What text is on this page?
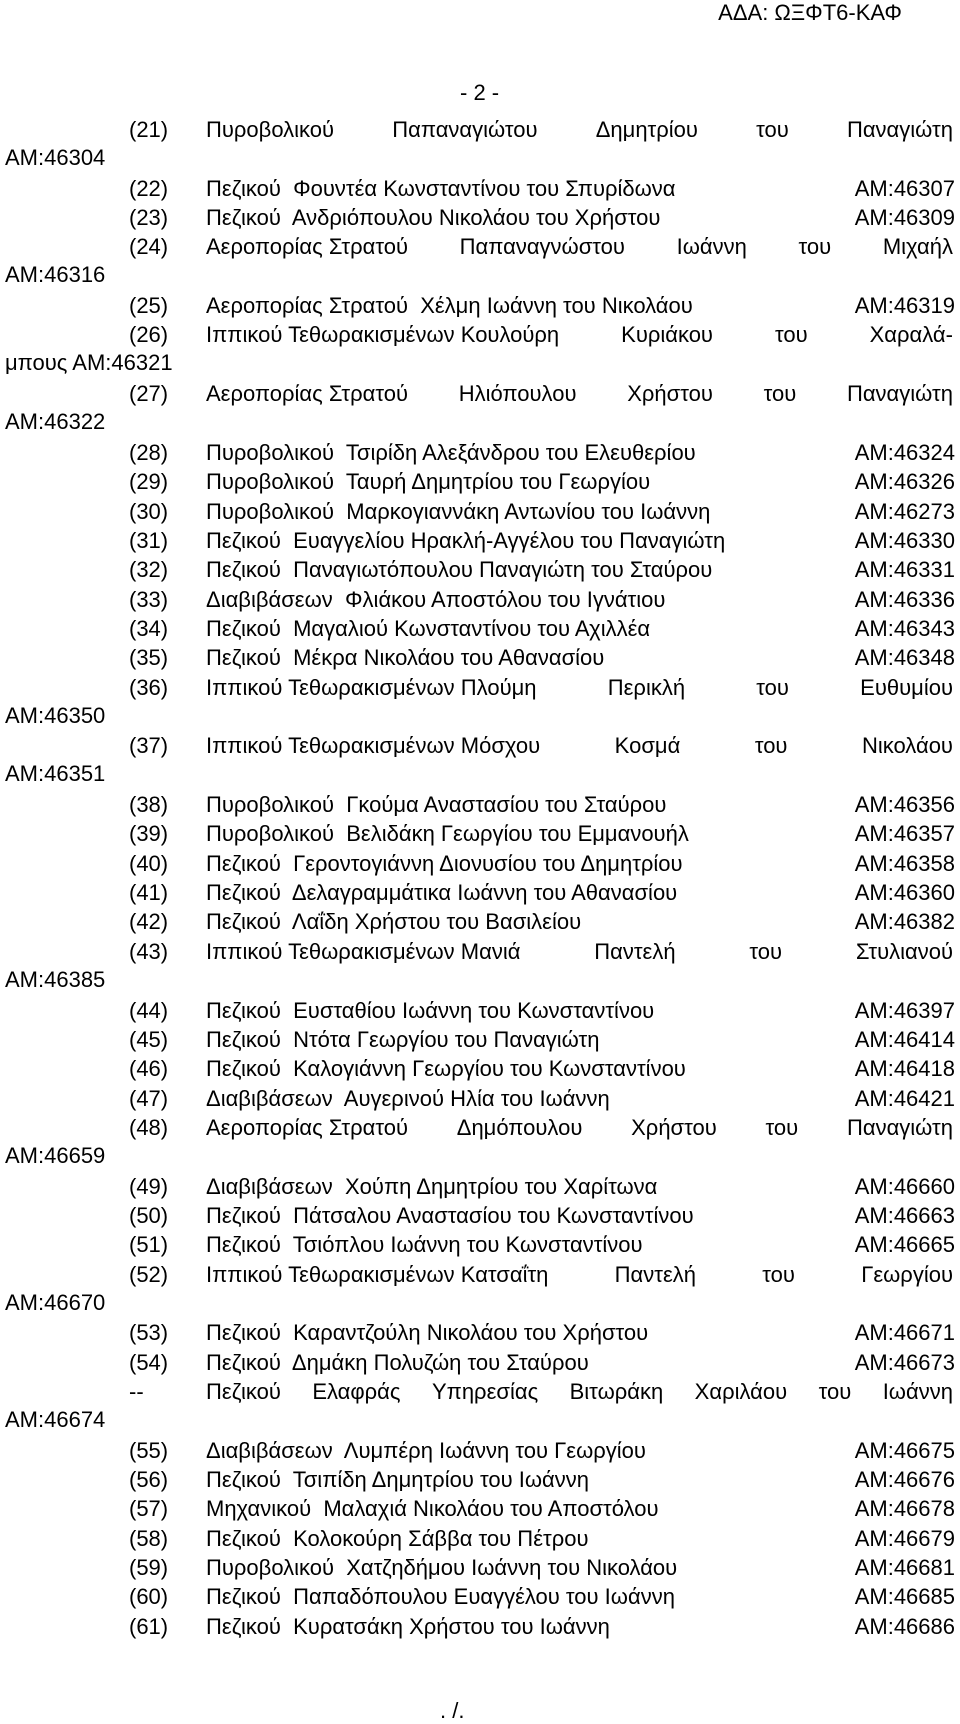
ΑΔΑ: ΩΞΦΤ6-ΚΑΦ
- 2 -
(21) Πυροβολικού	Παπαναγιώτου	Δημητρίου	του	Παναγιώτη
ΑΜ:46304
(22) Πεζικού  Φουντέα Κωνσταντίνου του Σπυρίδωνα	ΑΜ:46307
(23) Πεζικού  Ανδριόπουλου Νικολάου του Χρήστου	ΑΜ:46309
(24) Αεροπορίας Στρατού Παπαναγνώστου Ιωάννη του Μιχαήλ
ΑΜ:46316
(25) Αεροπορίας Στρατού  Χέλμη Ιωάννη του Νικολάου	ΑΜ:46319
(26) Ιππικού Τεθωρακισμένων Κουλούρη	Κυριάκου	του	Χαραλά-
μπους ΑΜ:46321
(27) Αεροπορίας Στρατού Ηλιόπουλου Χρήστου του Παναγιώτη
ΑΜ:46322
(28) Πυροβολικού  Τσιρίδη Αλεξάνδρου του Ελευθερίου	ΑΜ:46324
(29) Πυροβολικού  Ταυρή Δημητρίου του Γεωργίου	ΑΜ:46326
(30) Πυροβολικού  Μαρκογιαννάκη Αντωνίου του Ιωάννη	ΑΜ:46273
(31) Πεζικού  Ευαγγελίου Ηρακλή-Αγγέλου του Παναγιώτη	ΑΜ:46330
(32) Πεζικού  Παναγιωτόπουλου Παναγιώτη του Σταύρου	ΑΜ:46331
(33) Διαβιβάσεων  Φλιάκου Αποστόλου του Ιγνάτιου	ΑΜ:46336
(34) Πεζικού  Μαγαλιού Κωνσταντίνου του Αχιλλέα	ΑΜ:46343
(35) Πεζικού  Μέκρα Νικολάου του Αθανασίου	ΑΜ:46348
(36) Ιππικού Τεθωρακισμένων Πλούμη	Περικλή	του	Ευθυμίου
ΑΜ:46350
(37) Ιππικού Τεθωρακισμένων Μόσχου	Κοσμά	του	Νικολάου
ΑΜ:46351
(38) Πυροβολικού  Γκούμα Αναστασίου του Σταύρου	ΑΜ:46356
(39) Πυροβολικού  Βελιδάκη Γεωργίου του Εμμανουήλ	ΑΜ:46357
(40) Πεζικού  Γεροντογιάννη Διονυσίου του Δημητρίου	ΑΜ:46358
(41) Πεζικού  Δελαγραμμάτικα Ιωάννη του Αθανασίου	ΑΜ:46360
(42) Πεζικού  Λαΐδη Χρήστου του Βασιλείου	ΑΜ:46382
(43) Ιππικού Τεθωρακισμένων Μανιά	Παντελή	του	Στυλιανού
ΑΜ:46385
(44) Πεζικού  Ευσταθίου Ιωάννη του Κωνσταντίνου	ΑΜ:46397
(45) Πεζικού  Ντότα Γεωργίου του Παναγιώτη	ΑΜ:46414
(46) Πεζικού  Καλογιάννη Γεωργίου του Κωνσταντίνου	ΑΜ:46418
(47) Διαβιβάσεων  Αυγερινού Ηλία του Ιωάννη	ΑΜ:46421
(48) Αεροπορίας Στρατού Δημόπουλου Χρήστου του Παναγιώτη
ΑΜ:46659
(49) Διαβιβάσεων  Χούπη Δημητρίου του Χαρίτωνα	ΑΜ:46660
(50) Πεζικού  Πάτσαλου Αναστασίου του Κωνσταντίνου	ΑΜ:46663
(51) Πεζικού  Τσιόπλου Ιωάννη του Κωνσταντίνου	ΑΜ:46665
(52) Ιππικού Τεθωρακισμένων Κατσαΐτη	Παντελή	του	Γεωργίου
ΑΜ:46670
(53) Πεζικού  Καραντζούλη Νικολάου του Χρήστου	ΑΜ:46671
(54) Πεζικού  Δημάκη Πολυζώη του Σταύρου	ΑΜ:46673
--	Πεζικού Ελαφράς Υπηρεσίας Βιτωράκη Χαριλάου του Ιωάννη
ΑΜ:46674
(55) Διαβιβάσεων  Λυμπέρη Ιωάννη του Γεωργίου	ΑΜ:46675
(56) Πεζικού  Τσιπίδη Δημητρίου του Ιωάννη	ΑΜ:46676
(57) Μηχανικού  Μαλαχιά Νικολάου του Αποστόλου	ΑΜ:46678
(58) Πεζικού  Κολοκούρη Σάββα του Πέτρου	ΑΜ:46679
(59) Πυροβολικού  Χατζηδήμου Ιωάννη του Νικολάου	ΑΜ:46681
(60) Πεζικού  Παπαδόπουλου Ευαγγέλου του Ιωάννη	ΑΜ:46685
(61) Πεζικού  Κυρατσάκη Χρήστου του Ιωάννη	ΑΜ:46686
. /.
